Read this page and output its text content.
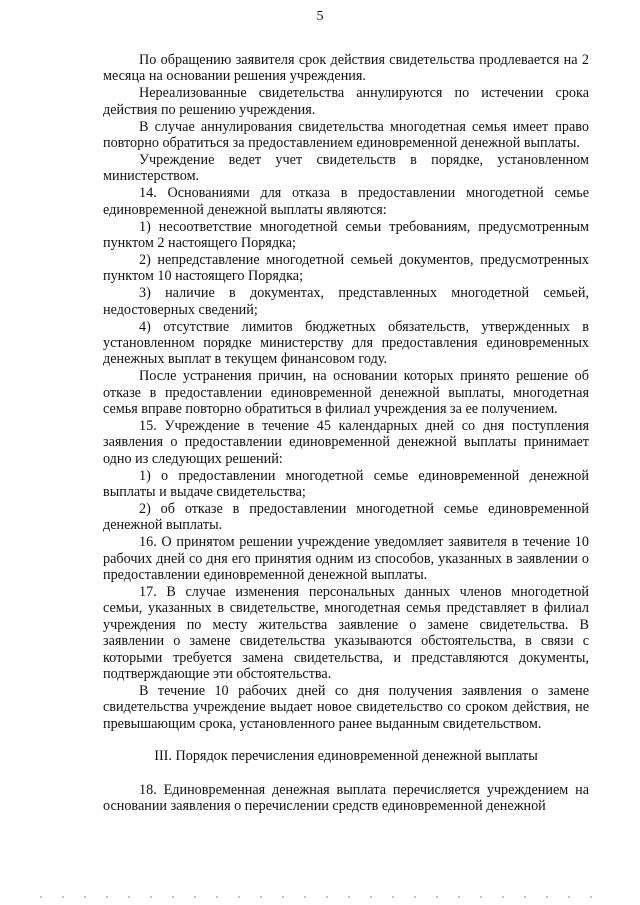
5

По обращению заявителя срок действия свидетельства продлевается на 2 месяца на основании решения учреждения.

Нереализованные свидетельства аннулируются по истечении срока действия по решению учреждения.

В случае аннулирования свидетельства многодетная семья имеет право повторно обратиться за предоставлением единовременной денежной выплаты.

Учреждение ведет учет свидетельств в порядке, установленном министерством.

14. Основаниями для отказа в предоставлении многодетной семье единовременной денежной выплаты являются:

1) несоответствие многодетной семьи требованиям, предусмотренным пунктом 2 настоящего Порядка;

2) непредставление многодетной семьей документов, предусмотренных пунктом 10 настоящего Порядка;

3) наличие в документах, представленных многодетной семьей, недостоверных сведений;

4) отсутствие лимитов бюджетных обязательств, утвержденных в установленном порядке министерству для предоставления единовременных денежных выплат в текущем финансовом году.

После устранения причин, на основании которых принято решение об отказе в предоставлении единовременной денежной выплаты, многодетная семья вправе повторно обратиться в филиал учреждения за ее получением.

15. Учреждение в течение 45 календарных дней со дня поступления заявления о предоставлении единовременной денежной выплаты принимает одно из следующих решений:

1) о предоставлении многодетной семье единовременной денежной выплаты и выдаче свидетельства;

2) об отказе в предоставлении многодетной семье единовременной денежной выплаты.

16. О принятом решении учреждение уведомляет заявителя в течение 10 рабочих дней со дня его принятия одним из способов, указанных в заявлении о предоставлении единовременной денежной выплаты.

17. В случае изменения персональных данных членов многодетной семьи, указанных в свидетельстве, многодетная семья представляет в филиал учреждения по месту жительства заявление о замене свидетельства. В заявлении о замене свидетельства указываются обстоятельства, в связи с которыми требуется замена свидетельства, и представляются документы, подтверждающие эти обстоятельства.

В течение 10 рабочих дней со дня получения заявления о замене свидетельства учреждение выдает новое свидетельство со сроком действия, не превышающим срока, установленного ранее выданным свидетельством.

III. Порядок перечисления единовременной денежной выплаты

18. Единовременная денежная выплата перечисляется учреждением на основании заявления о перечислении средств единовременной денежной
